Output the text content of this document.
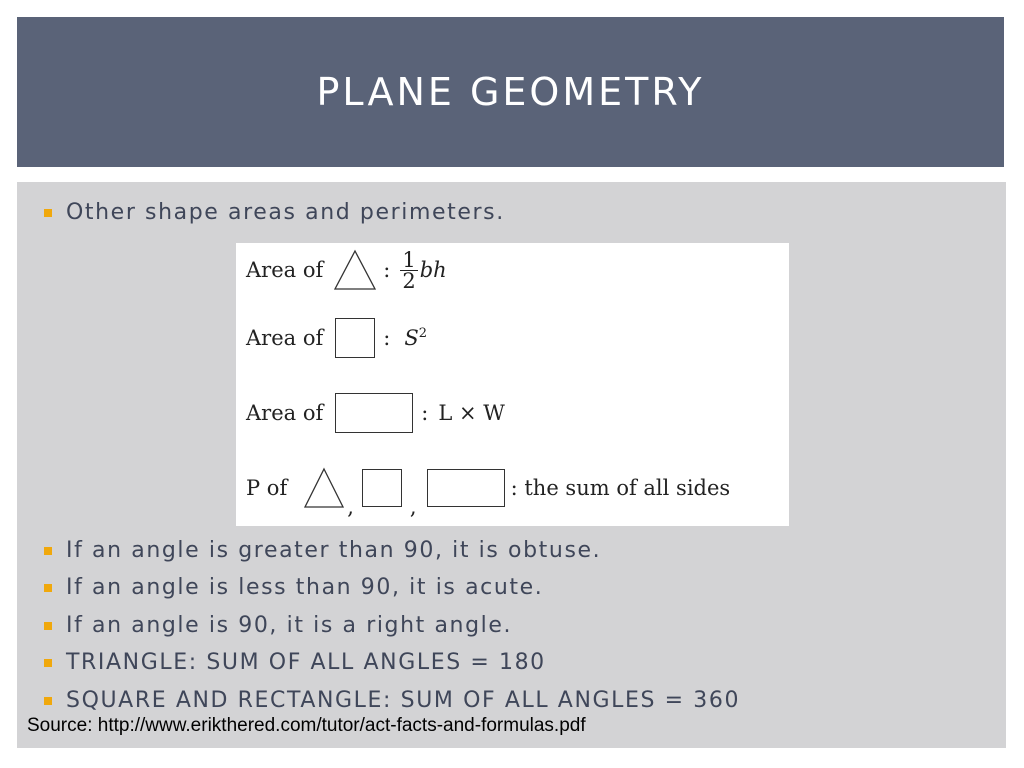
PLANE GEOMETRY
Other shape areas and perimeters.
Area of	: $\frac{1}{2}$ bh
Area of	: $S^2$
Area of	: L × W
P of
,	,
: the sum of all sides
If an angle is greater than 90, it is obtuse.
If an angle is less than 90, it is acute.
If an angle is 90, it is a right angle.
TRIANGLE: SUM OF ALL ANGLES = 180
SQUARE AND RECTANGLE: SUM OF ALL ANGLES = 360
Source: http://www.erikthered.com/tutor/act-facts-and-formulas.pdf
